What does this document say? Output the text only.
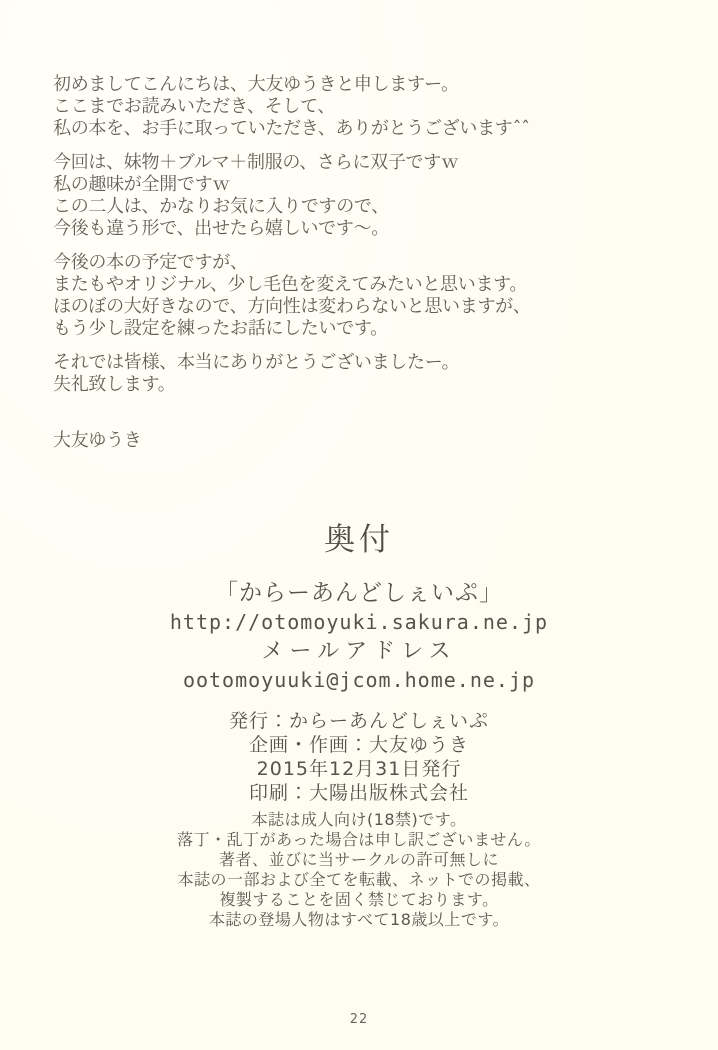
初めましてこんにちは、大友ゆうきと申しますー。
ここまでお読みいただき、そして、
私の本を、お手に取っていただき、ありがとうございますˆˆ

今回は、妹物＋ブルマ＋制服の、さらに双子ですｗ
私の趣味が全開ですｗ
この二人は、かなりお気に入りですので、
今後も違う形で、出せたら嬉しいです～。

今後の本の予定ですが、
またもやオリジナル、少し毛色を変えてみたいと思います。
ほのぼの大好きなので、方向性は変わらないと思いますが、
もう少し設定を練ったお話にしたいです。

それでは皆様、本当にありがとうございましたー。
失礼致します。

大友ゆうき

奥付
「からーあんどしぇいぷ」
http://otomoyuki.sakura.ne.jp
メールアドレス
ootomoyuuki@jcom.home.ne.jp
発行：からーあんどしぇいぷ
企画・作画：大友ゆうき
2015年12月31日発行
印刷：大陽出版株式会社
本誌は成人向け(18禁)です。
落丁・乱丁があった場合は申し訳ございません。
著者、並びに当サークルの許可無しに
本誌の一部および全てを転載、ネットでの掲載、
複製することを固く禁じております。
本誌の登場人物はすべて18歳以上です。
22
